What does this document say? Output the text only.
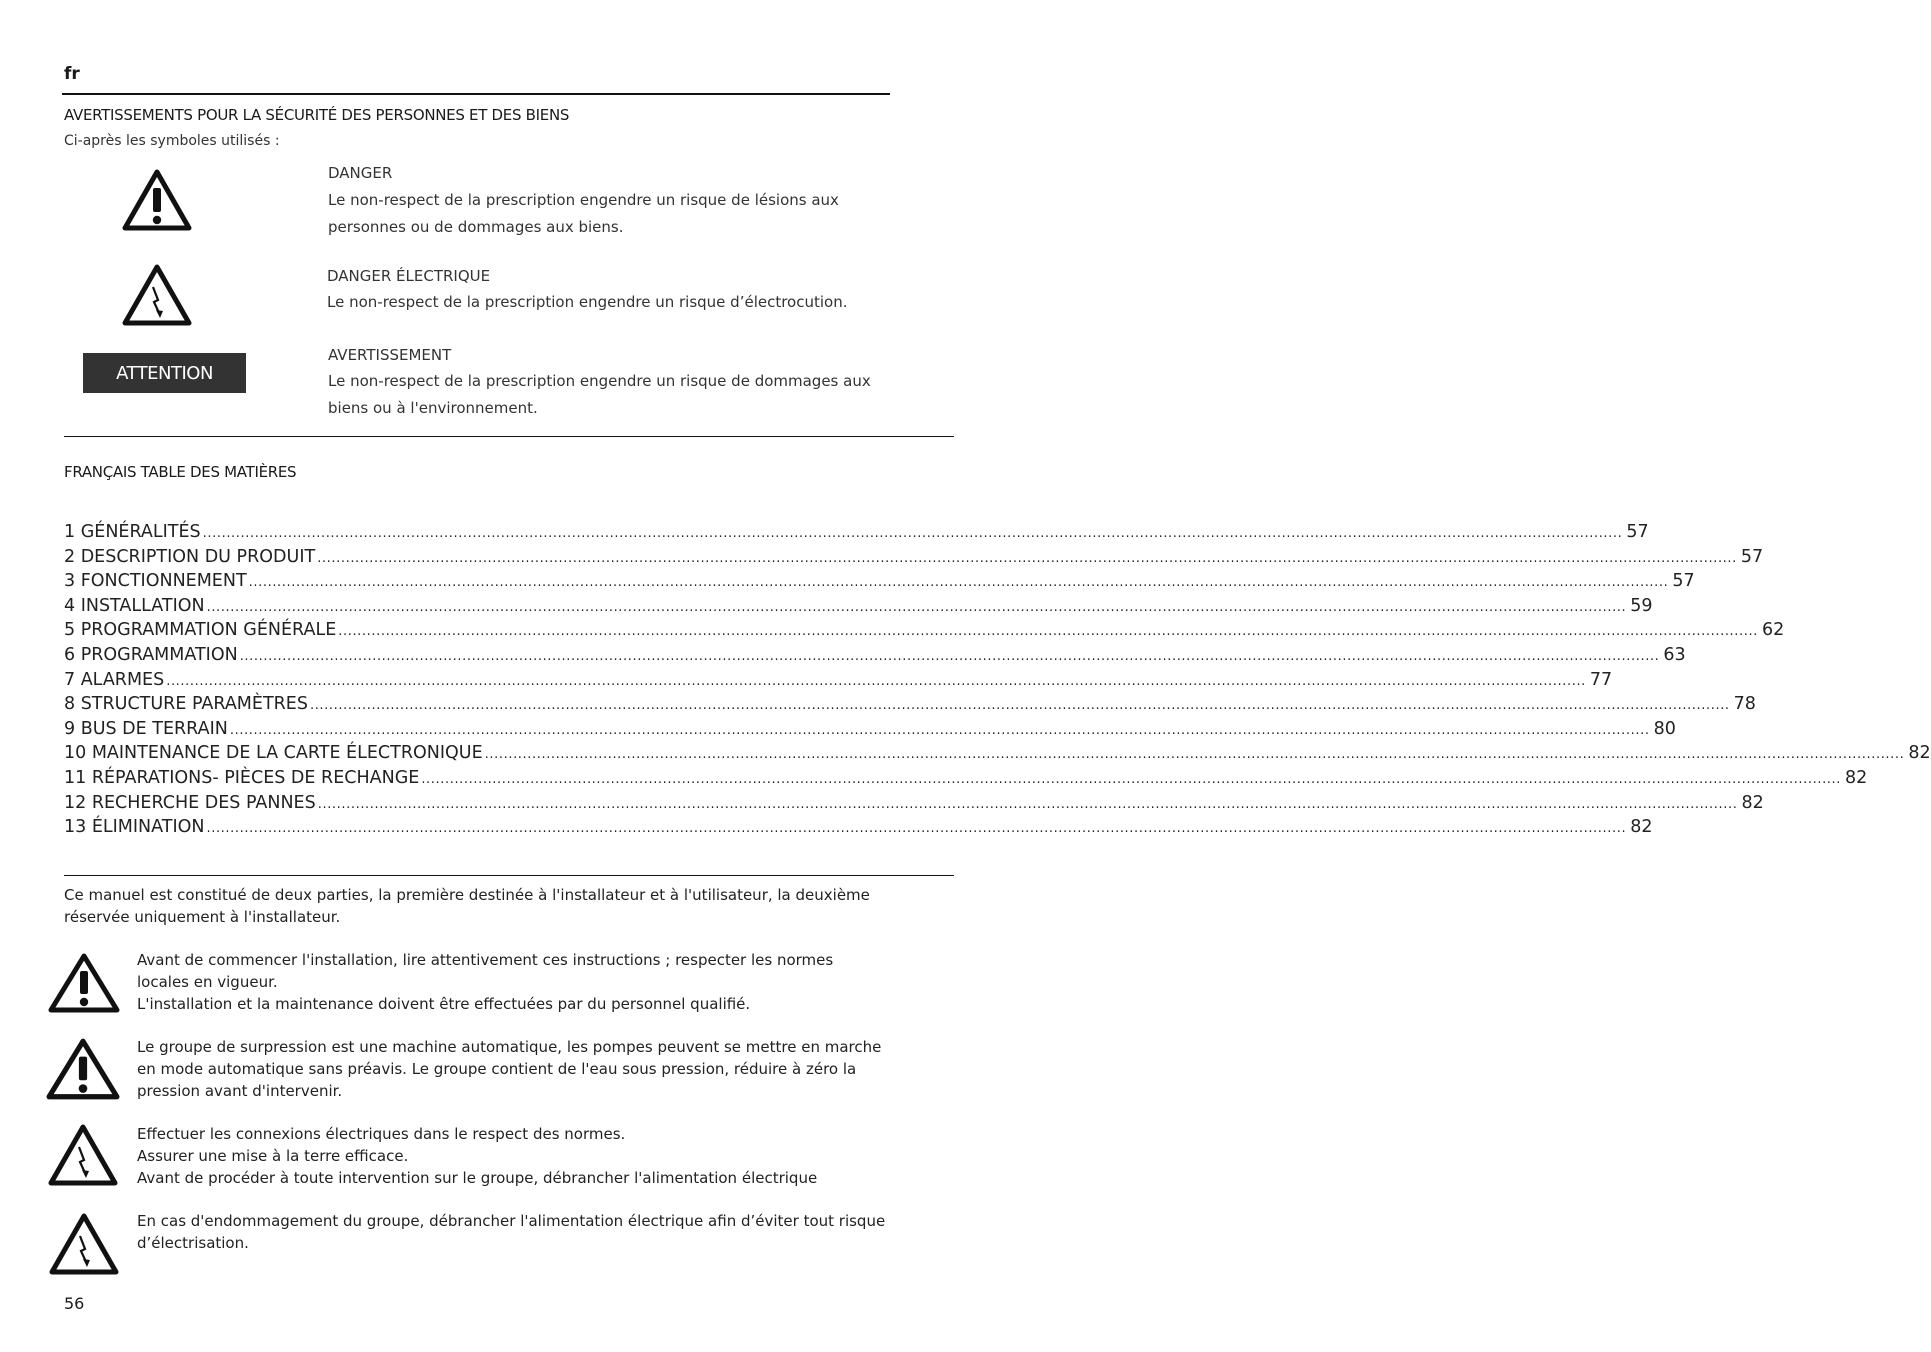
fr
AVERTISSEMENTS POUR LA SÉCURITÉ DES PERSONNES ET DES BIENS
Ci-après les symboles utilisés :
DANGER
Le non-respect de la prescription engendre un risque de lésions aux personnes ou de dommages aux biens.
DANGER ÉLECTRIQUE
Le non-respect de la prescription engendre un risque d’électrocution.
ATTENTION
AVERTISSEMENT
Le non-respect de la prescription engendre un risque de dommages aux biens ou à l'environnement.
FRANÇAIS TABLE DES MATIÈRES
1 GÉNÉRALITÉS ............................................................................................................................................................................................................................................................................................................ 57
2 DESCRIPTION DU PRODUIT ............................................................................................................................................................................................................................................................................................................ 57
3 FONCTIONNEMENT ............................................................................................................................................................................................................................................................................................................ 57
4 INSTALLATION ............................................................................................................................................................................................................................................................................................................ 59
5 PROGRAMMATION GÉNÉRALE ............................................................................................................................................................................................................................................................................................................ 62
6 PROGRAMMATION ............................................................................................................................................................................................................................................................................................................ 63
7 ALARMES ............................................................................................................................................................................................................................................................................................................ 77
8 STRUCTURE PARAMÈTRES ............................................................................................................................................................................................................................................................................................................ 78
9 BUS DE TERRAIN ............................................................................................................................................................................................................................................................................................................ 80
10 MAINTENANCE DE LA CARTE ÉLECTRONIQUE ............................................................................................................................................................................................................................................................................................................ 82
11 RÉPARATIONS- PIÈCES DE RECHANGE ............................................................................................................................................................................................................................................................................................................ 82
12 RECHERCHE DES PANNES ............................................................................................................................................................................................................................................................................................................ 82
13 ÉLIMINATION ............................................................................................................................................................................................................................................................................................................ 82
Ce manuel est constitué de deux parties, la première destinée à l'installateur et à l'utilisateur, la deuxième réservée uniquement à l'installateur.
Avant de commencer l'installation, lire attentivement ces instructions ; respecter les normes locales en vigueur.
L'installation et la maintenance doivent être effectuées par du personnel qualifié.
Le groupe de surpression est une machine automatique, les pompes peuvent se mettre en marche en mode automatique sans préavis. Le groupe contient de l'eau sous pression, réduire à zéro la pression avant d'intervenir.
Effectuer les connexions électriques dans le respect des normes.
Assurer une mise à la terre efficace.
Avant de procéder à toute intervention sur le groupe, débrancher l'alimentation électrique
En cas d'endommagement du groupe, débrancher l'alimentation électrique afin d’éviter tout risque d’électrisation.
56
